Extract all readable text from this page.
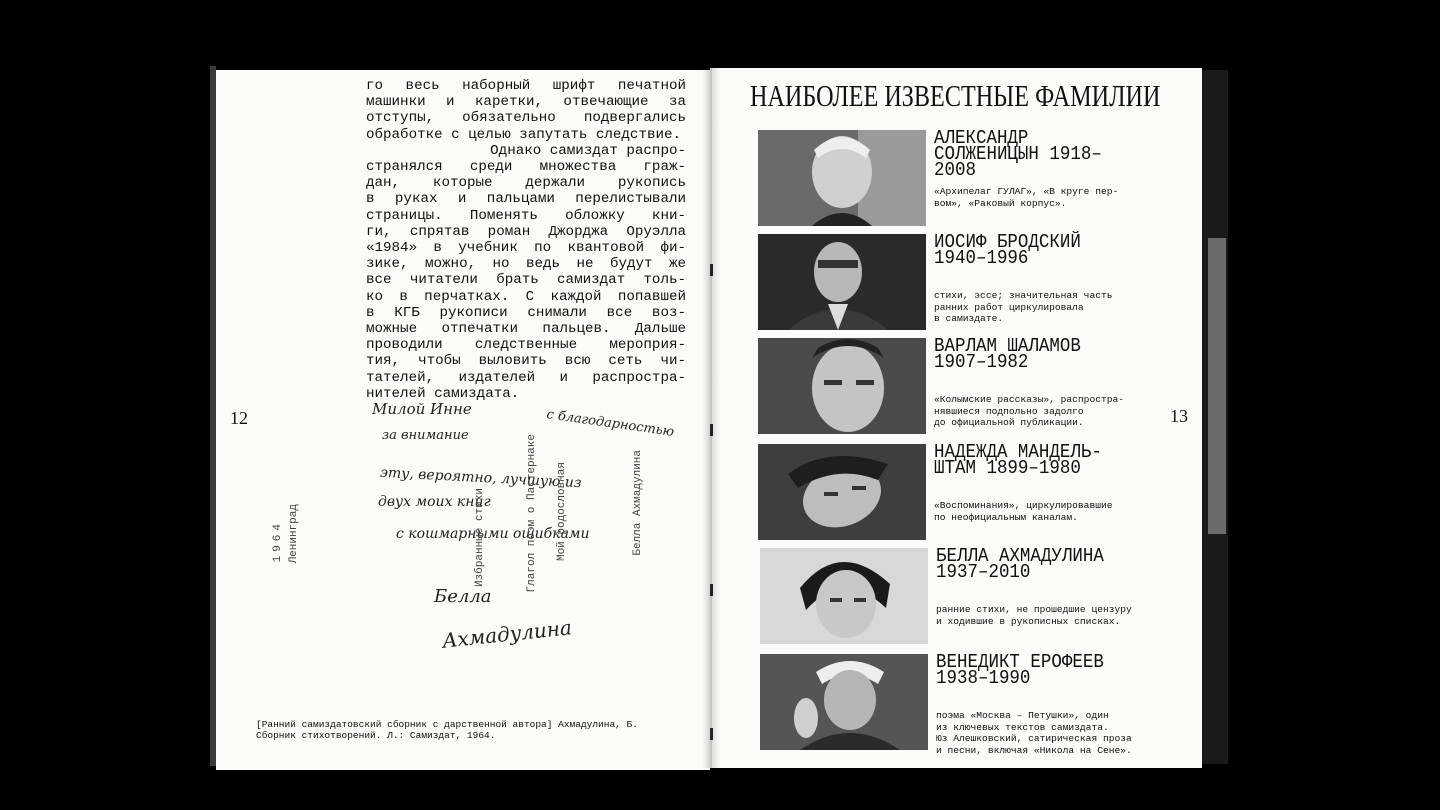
го весь наборный шрифт печатной
машинки и каретки, отвечающие за
отступы, обязательно подвергались
обработке с целью запутать следствие.
Однако самиздат распро-
странялся среди множества граж-
дан, которые держали рукопись
в руках и пальцами перелистывали
страницы. Поменять обложку кни-
ги, спрятав роман Джорджа Оруэлла
«1984» в учебник по квантовой фи-
зике, можно, но ведь не будут же
все читатели брать самиздат толь-
ко в перчатках. С каждой попавшей
в КГБ рукописи снимали все воз-
можные отпечатки пальцев. Дальше
проводили следственные мероприя-
тия, чтобы выловить всю сеть чи-
тателей, издателей и распростра-
нителей самиздата.
12	Милой Инне	с благодарностью
за внимание
эту, вероятно, лучшую из
двух моих книг
с кошмарными ошибками
Белла
Ахмадулина
Белла Ахмадулина
Мой родословная
Глагол поэм о Пастернаке
Избранные стихи
Ленинград
1964
[Ранний самиздатовский сборник с дарственной автора] Ахмадулина, Б.
Сборник стихотворений. Л.: Самиздат, 1964.
НАИБОЛЕЕ ИЗВЕСТНЫЕ ФАМИЛИИ
13
АЛЕКСАНДР
СОЛЖЕНИЦЫН 1918–
2008
«Архипелаг ГУЛАГ», «В круге пер-
вом», «Раковый корпус».
ИОСИФ БРОДСКИЙ
1940–1996
стихи, эссе; значительная часть
ранних работ циркулировала
в самиздате.
ВАРЛАМ ШАЛАМОВ
1907–1982
«Колымские рассказы», распростра-
нявшиеся подпольно задолго
до официальной публикации.
НАДЕЖДА МАНДЕЛЬ-
ШТАМ 1899–1980
«Воспоминания», циркулировавшие
по неофициальным каналам.
БЕЛЛА АХМАДУЛИНА
1937–2010
ранние стихи, не прошедшие цензуру
и ходившие в рукописных списках.
ВЕНЕДИКТ ЕРОФЕЕВ
1938–1990
поэма «Москва – Петушки», один
из ключевых текстов самиздата.
Юз Алешковский, сатирическая проза
и песни, включая «Никола на Сене».
